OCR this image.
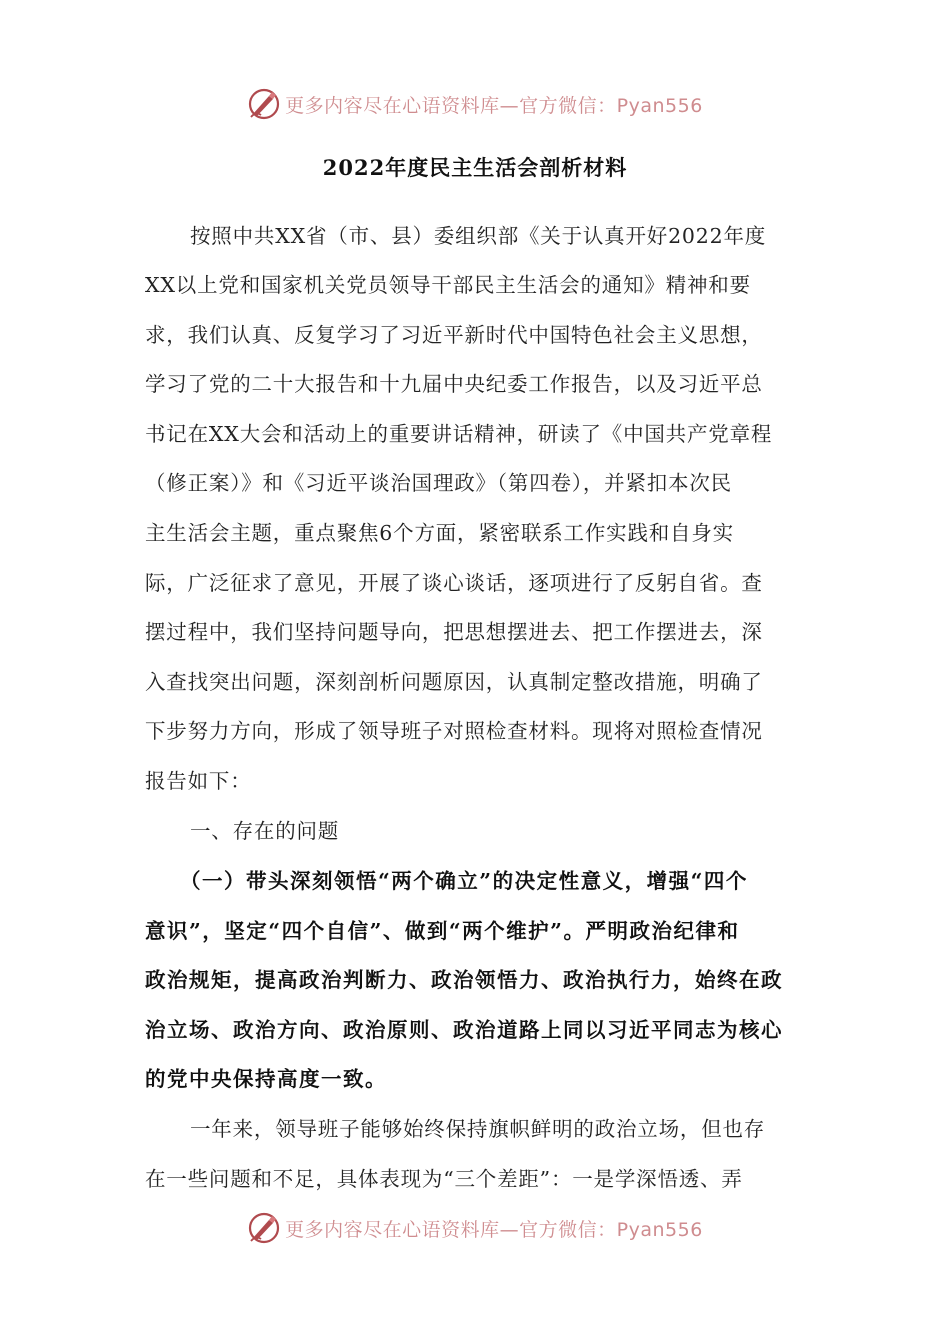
更多内容尽在心语资料库—官方微信：Pyan556
2022年度民主生活会剖析材料
按照中共XX省（市、县）委组织部《关于认真开好2022年度
XX以上党和国家机关党员领导干部民主生活会的通知》精神和要
求，我们认真、反复学习了习近平新时代中国特色社会主义思想，
学习了党的二十大报告和十九届中央纪委工作报告，以及习近平总
书记在XX大会和活动上的重要讲话精神，研读了《中国共产党章程
（修正案）》和《习近平谈治国理政》（第四卷），并紧扣本次民
主生活会主题，重点聚焦6个方面，紧密联系工作实践和自身实
际，广泛征求了意见，开展了谈心谈话，逐项进行了反躬自省。查
摆过程中，我们坚持问题导向，把思想摆进去、把工作摆进去，深
入查找突出问题，深刻剖析问题原因，认真制定整改措施，明确了
下步努力方向，形成了领导班子对照检查材料。现将对照检查情况
报告如下：
一、存在的问题
（一）带头深刻领悟“两个确立”的决定性意义，增强“四个
意识”，坚定“四个自信”、做到“两个维护”。严明政治纪律和
政治规矩，提高政治判断力、政治领悟力、政治执行力，始终在政
治立场、政治方向、政治原则、政治道路上同以习近平同志为核心
的党中央保持高度一致。
一年来，领导班子能够始终保持旗帜鲜明的政治立场，但也存
在一些问题和不足，具体表现为“三个差距”：一是学深悟透、弄
更多内容尽在心语资料库—官方微信：Pyan556
